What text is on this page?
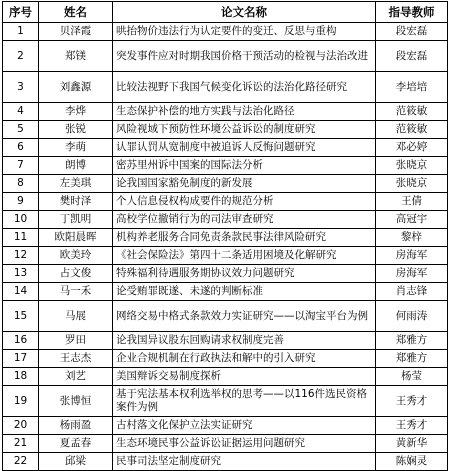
序号	姓名	论文名称	指导教师
1	贝泽霞	哄抬物价违法行为认定要件的变迁、反思与重构	段宏磊
2	郑镁	突发事件应对时期我国价格干预活动的检视与法治改进	段宏磊
3	刘鑫源	比较法视野下我国气候变化诉讼的法治化路径研究	李培培
4	李烨	生态保护补偿的地方实践与法治化路径	范筱敏
5	张锐	风险视域下预防性环境公益诉讼的制度研究	范筱敏
6	李萌	认罪认罚从宽制度中被追诉人反悔问题研究	邓必婷
7	朗博	密苏里州诉中国案的国际法分析	张晓京
8	左美琪	论我国国家豁免制度的新发展	张晓京
9	樊时泽	个人信息侵权构成要件的规范分析	王倩
10	丁凯明	高校学位撤销行为的司法审查研究	高冠宇
11	欧阳晨晖	机构养老服务合同免责条款民事法律风险研究	黎梓
12	欧美玲	《社会保险法》第四十二条适用困境及化解研究	房海军
13	占文俊	特殊福利待遇服务期协议效力问题研究	房海军
14	马一禾	论受贿罪既遂、未遂的判断标准	肖志锋
15	马展	网络交易中格式条款效力实证研究——以淘宝平台为例	何雨涛
16	罗田	论我国异议股东回购请求权制度完善	郑雅方
17	王志杰	企业合规机制在行政执法和解中的引入研究	郑雅方
18	刘艺	美国辩诉交易制度探析	杨莹
19	张博恒	基于宪法基本权利选举权的思考——以116件选民资格案件为例	王秀才
20	杨雨盈	古村落文化保护立法实证研究	王秀才
21	夏孟春	生态环境民事公益诉讼证据运用问题研究	黄新华
22	邱梁	民事司法坚定制度研究	陈娴灵
